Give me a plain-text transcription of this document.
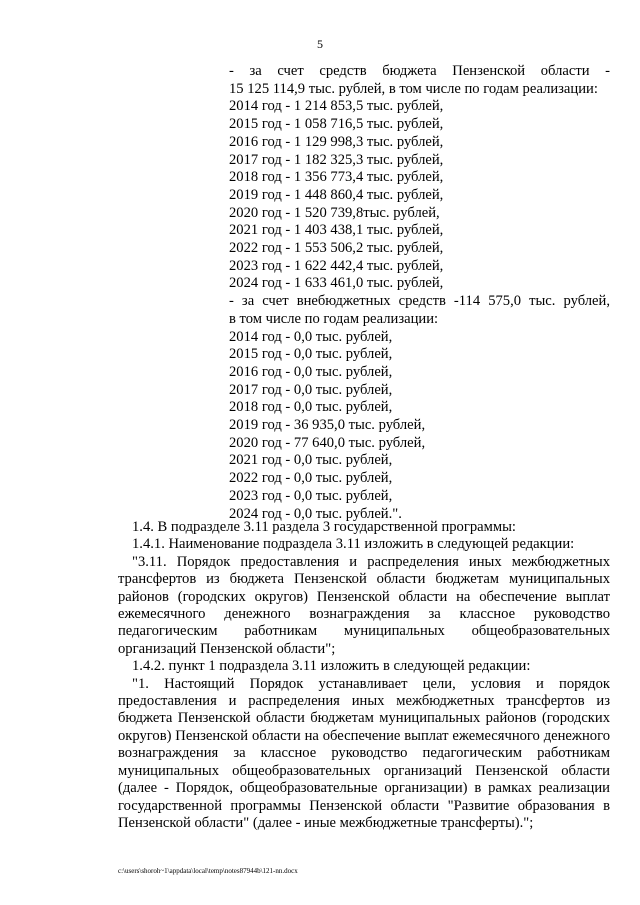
5
- за счет средств бюджета Пензенской области -
15 125 114,9 тыс. рублей, в том числе по годам реализации:
2014 год - 1 214 853,5 тыс. рублей,
2015 год - 1 058 716,5 тыс. рублей,
2016 год - 1 129 998,3 тыс. рублей,
2017 год - 1 182 325,3 тыс. рублей,
2018 год - 1 356 773,4 тыс. рублей,
2019 год - 1 448 860,4 тыс. рублей,
2020 год - 1 520 739,8тыс. рублей,
2021 год - 1 403 438,1 тыс. рублей,
2022 год - 1 553 506,2 тыс. рублей,
2023 год - 1 622 442,4 тыс. рублей,
2024 год - 1 633 461,0 тыс. рублей,
- за счет внебюджетных средств -114 575,0 тыс. рублей,
в том числе по годам реализации:
2014 год - 0,0 тыс. рублей,
2015 год - 0,0 тыс. рублей,
2016 год - 0,0 тыс. рублей,
2017 год - 0,0 тыс. рублей,
2018 год - 0,0 тыс. рублей,
2019 год - 36 935,0 тыс. рублей,
2020 год - 77 640,0 тыс. рублей,
2021 год - 0,0 тыс. рублей,
2022 год - 0,0 тыс. рублей,
2023 год - 0,0 тыс. рублей,
2024 год - 0,0 тыс. рублей.".
1.4. В подразделе 3.11 раздела 3 государственной программы:
1.4.1. Наименование подраздела 3.11 изложить в следующей редакции:
"3.11. Порядок предоставления и распределения иных межбюджетных трансфертов из бюджета Пензенской области бюджетам муниципальных районов (городских округов) Пензенской области на обеспечение выплат ежемесячного денежного вознаграждения за классное руководство педагогическим работникам муниципальных общеобразовательных организаций Пензенской области";
1.4.2. пункт 1 подраздела 3.11 изложить в следующей редакции:
"1. Настоящий Порядок устанавливает цели, условия и порядок предоставления и распределения иных межбюджетных трансфертов из бюджета Пензенской области бюджетам муниципальных районов (городских округов) Пензенской области на обеспечение выплат ежемесячного денежного вознаграждения за классное руководство педагогическим работникам муниципальных общеобразовательных организаций Пензенской области (далее - Порядок, общеобразовательные организации) в рамках реализации государственной программы Пензенской области "Развитие образования в Пензенской области" (далее - иные межбюджетные трансферты).";
c:\users\shoroh~1\appdata\local\temp\notes87944b\121-nn.docx
